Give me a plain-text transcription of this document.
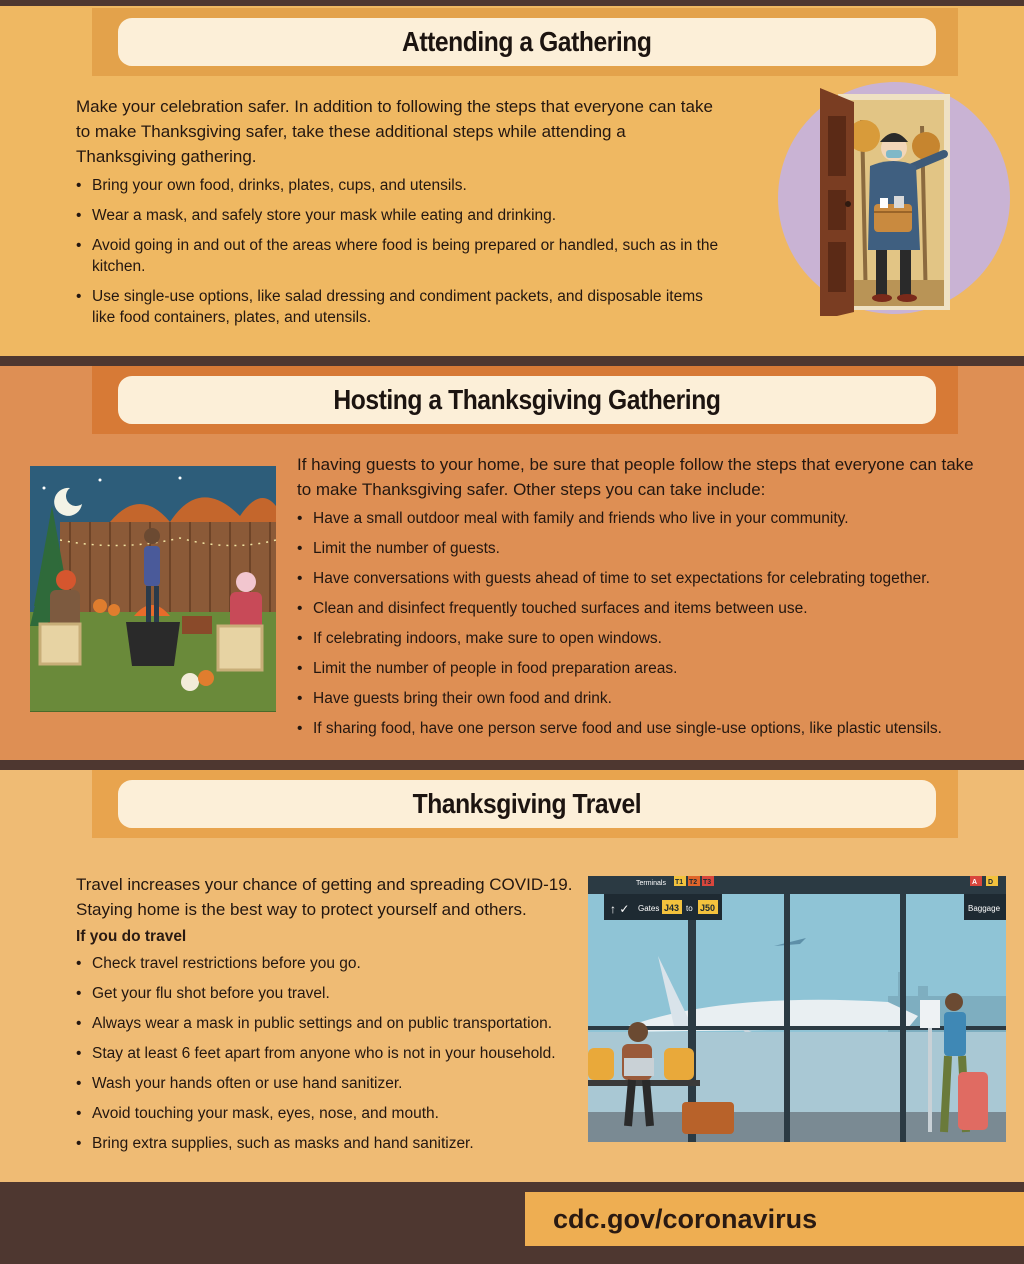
Attending a Gathering

Make your celebration safer. In addition to following the steps that everyone can take to make Thanksgiving safer, take these additional steps while attending a Thanksgiving gathering.

• Bring your own food, drinks, plates, cups, and utensils.
• Wear a mask, and safely store your mask while eating and drinking.
• Avoid going in and out of the areas where food is being prepared or handled, such as in the kitchen.
• Use single-use options, like salad dressing and condiment packets, and disposable items like food containers, plates, and utensils.
Hosting a Thanksgiving Gathering

If having guests to your home, be sure that people follow the steps that everyone can take to make Thanksgiving safer. Other steps you can take include:

• Have a small outdoor meal with family and friends who live in your community.
• Limit the number of guests.
• Have conversations with guests ahead of time to set expectations for celebrating together.
• Clean and disinfect frequently touched surfaces and items between use.
• If celebrating indoors, make sure to open windows.
• Limit the number of people in food preparation areas.
• Have guests bring their own food and drink.
• If sharing food, have one person serve food and use single-use options, like plastic utensils.
Thanksgiving Travel

Travel increases your chance of getting and spreading COVID-19. Staying home is the best way to protect yourself and others.

If you do travel

• Check travel restrictions before you go.
• Get your flu shot before you travel.
• Always wear a mask in public settings and on public transportation.
• Stay at least 6 feet apart from anyone who is not in your household.
• Wash your hands often or use hand sanitizer.
• Avoid touching your mask, eyes, nose, and mouth.
• Bring extra supplies, such as masks and hand sanitizer.
↑ ✓ Gates J43 to J50
Terminals T1 T2 T3
Baggage
A D
cdc.gov/coronavirus
